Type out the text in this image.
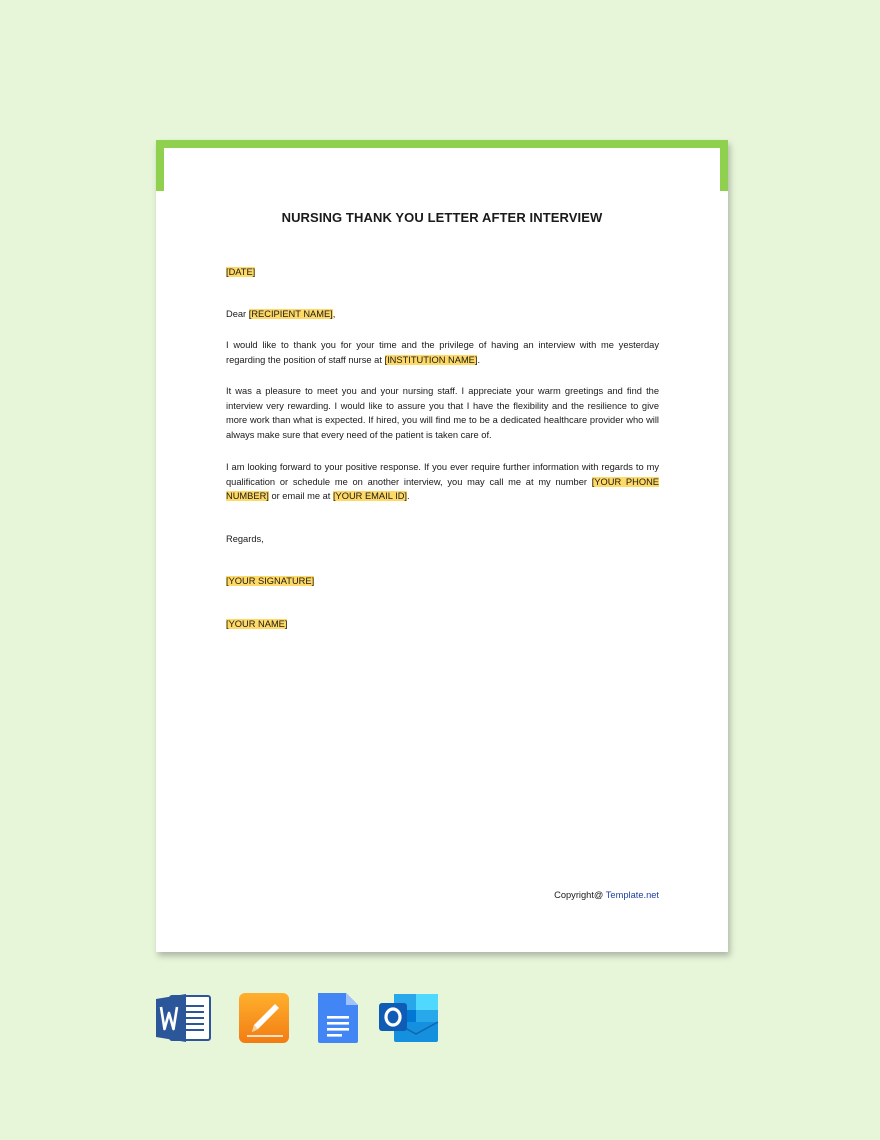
NURSING THANK YOU LETTER AFTER INTERVIEW
[DATE]
Dear [RECIPIENT NAME],
I would like to thank you for your time and the privilege of having an interview with me yesterday regarding the position of staff nurse at [INSTITUTION NAME].
It was a pleasure to meet you and your nursing staff. I appreciate your warm greetings and find the interview very rewarding. I would like to assure you that I have the flexibility and the resilience to give more work than what is expected. If hired, you will find me to be a dedicated healthcare provider who will always make sure that every need of the patient is taken care of.
I am looking forward to your positive response. If you ever require further information with regards to my qualification or schedule me on another interview, you may call me at my number [YOUR PHONE NUMBER] or email me at [YOUR EMAIL ID].
Regards,
[YOUR SIGNATURE]
[YOUR NAME]
Copyright@ Template.net
